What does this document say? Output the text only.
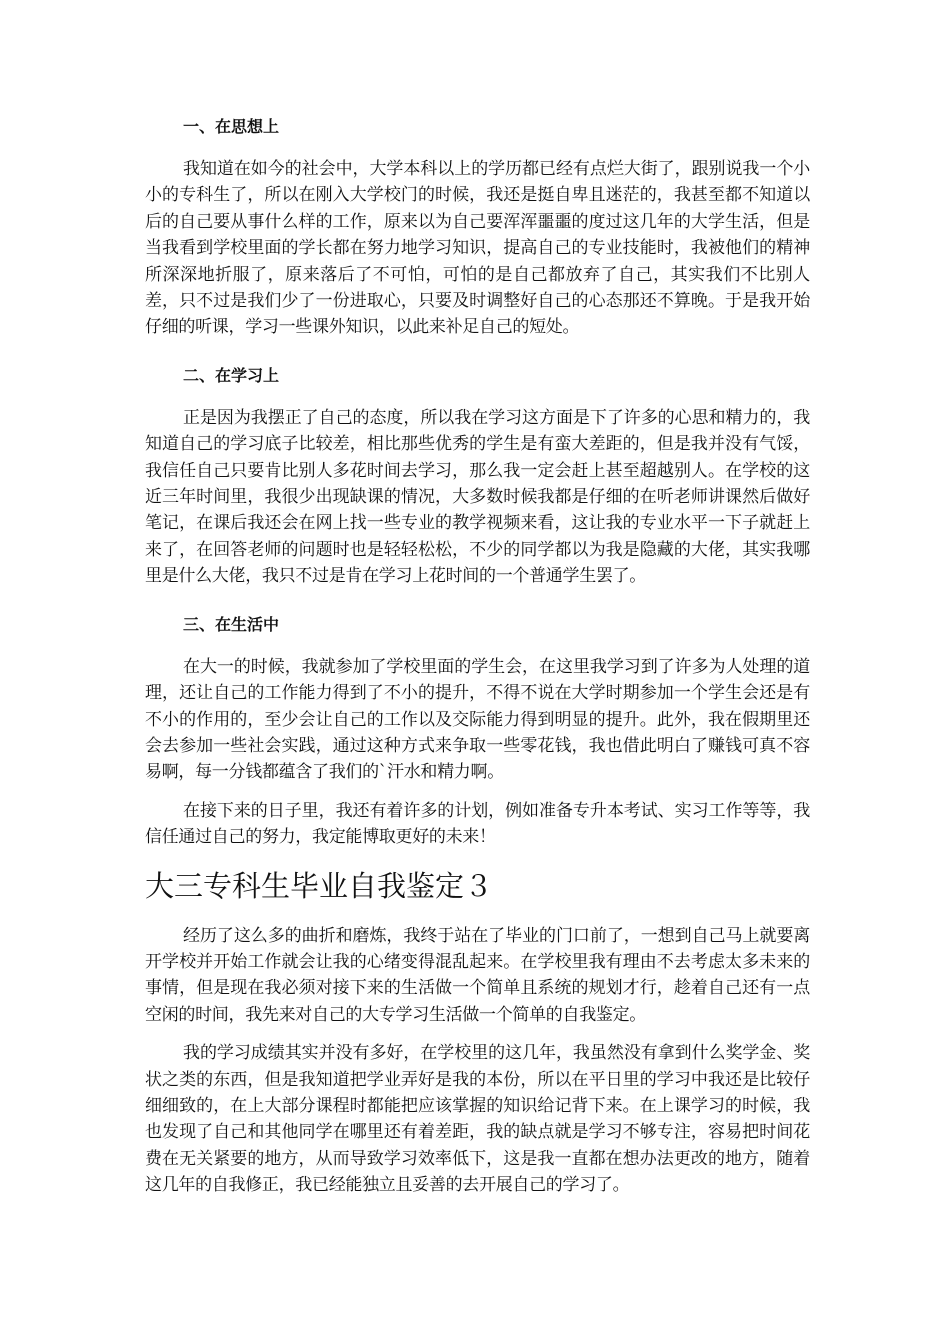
一、在思想上

我知道在如今的社会中，大学本科以上的学历都已经有点烂大街了，跟别说我一个小小的专科生了，所以在刚入大学校门的时候，我还是挺自卑且迷茫的，我甚至都不知道以后的自己要从事什么样的工作，原来以为自己要浑浑噩噩的度过这几年的大学生活，但是当我看到学校里面的学长都在努力地学习知识，提高自己的专业技能时，我被他们的精神所深深地折服了，原来落后了不可怕，可怕的是自己都放弃了自己，其实我们不比别人差，只不过是我们少了一份进取心，只要及时调整好自己的心态那还不算晚。于是我开始仔细的听课，学习一些课外知识，以此来补足自己的短处。

二、在学习上

正是因为我摆正了自己的态度，所以我在学习这方面是下了许多的心思和精力的，我知道自己的学习底子比较差，相比那些优秀的学生是有蛮大差距的，但是我并没有气馁，我信任自己只要肯比别人多花时间去学习，那么我一定会赶上甚至超越别人。在学校的这近三年时间里，我很少出现缺课的情况，大多数时候我都是仔细的在听老师讲课然后做好笔记，在课后我还会在网上找一些专业的教学视频来看，这让我的专业水平一下子就赶上来了，在回答老师的问题时也是轻轻松松，不少的同学都以为我是隐藏的大佬，其实我哪里是什么大佬，我只不过是肯在学习上花时间的一个普通学生罢了。

三、在生活中

在大一的时候，我就参加了学校里面的学生会，在这里我学习到了许多为人处理的道理，还让自己的工作能力得到了不小的提升，不得不说在大学时期参加一个学生会还是有不小的作用的，至少会让自己的工作以及交际能力得到明显的提升。此外，我在假期里还会去参加一些社会实践，通过这种方式来争取一些零花钱，我也借此明白了赚钱可真不容易啊，每一分钱都蕴含了我们的`汗水和精力啊。

在接下来的日子里，我还有着许多的计划，例如准备专升本考试、实习工作等等，我信任通过自己的努力，我定能博取更好的未来！

大三专科生毕业自我鉴定３

经历了这么多的曲折和磨炼，我终于站在了毕业的门口前了，一想到自己马上就要离开学校并开始工作就会让我的心绪变得混乱起来。在学校里我有理由不去考虑太多未来的事情，但是现在我必须对接下来的生活做一个简单且系统的规划才行，趁着自己还有一点空闲的时间，我先来对自己的大专学习生活做一个简单的自我鉴定。

我的学习成绩其实并没有多好，在学校里的这几年，我虽然没有拿到什么奖学金、奖状之类的东西，但是我知道把学业弄好是我的本份，所以在平日里的学习中我还是比较仔细细致的，在上大部分课程时都能把应该掌握的知识给记背下来。在上课学习的时候，我也发现了自己和其他同学在哪里还有着差距，我的缺点就是学习不够专注，容易把时间花费在无关紧要的地方，从而导致学习效率低下，这是我一直都在想办法更改的地方，随着这几年的自我修正，我已经能独立且妥善的去开展自己的学习了。
